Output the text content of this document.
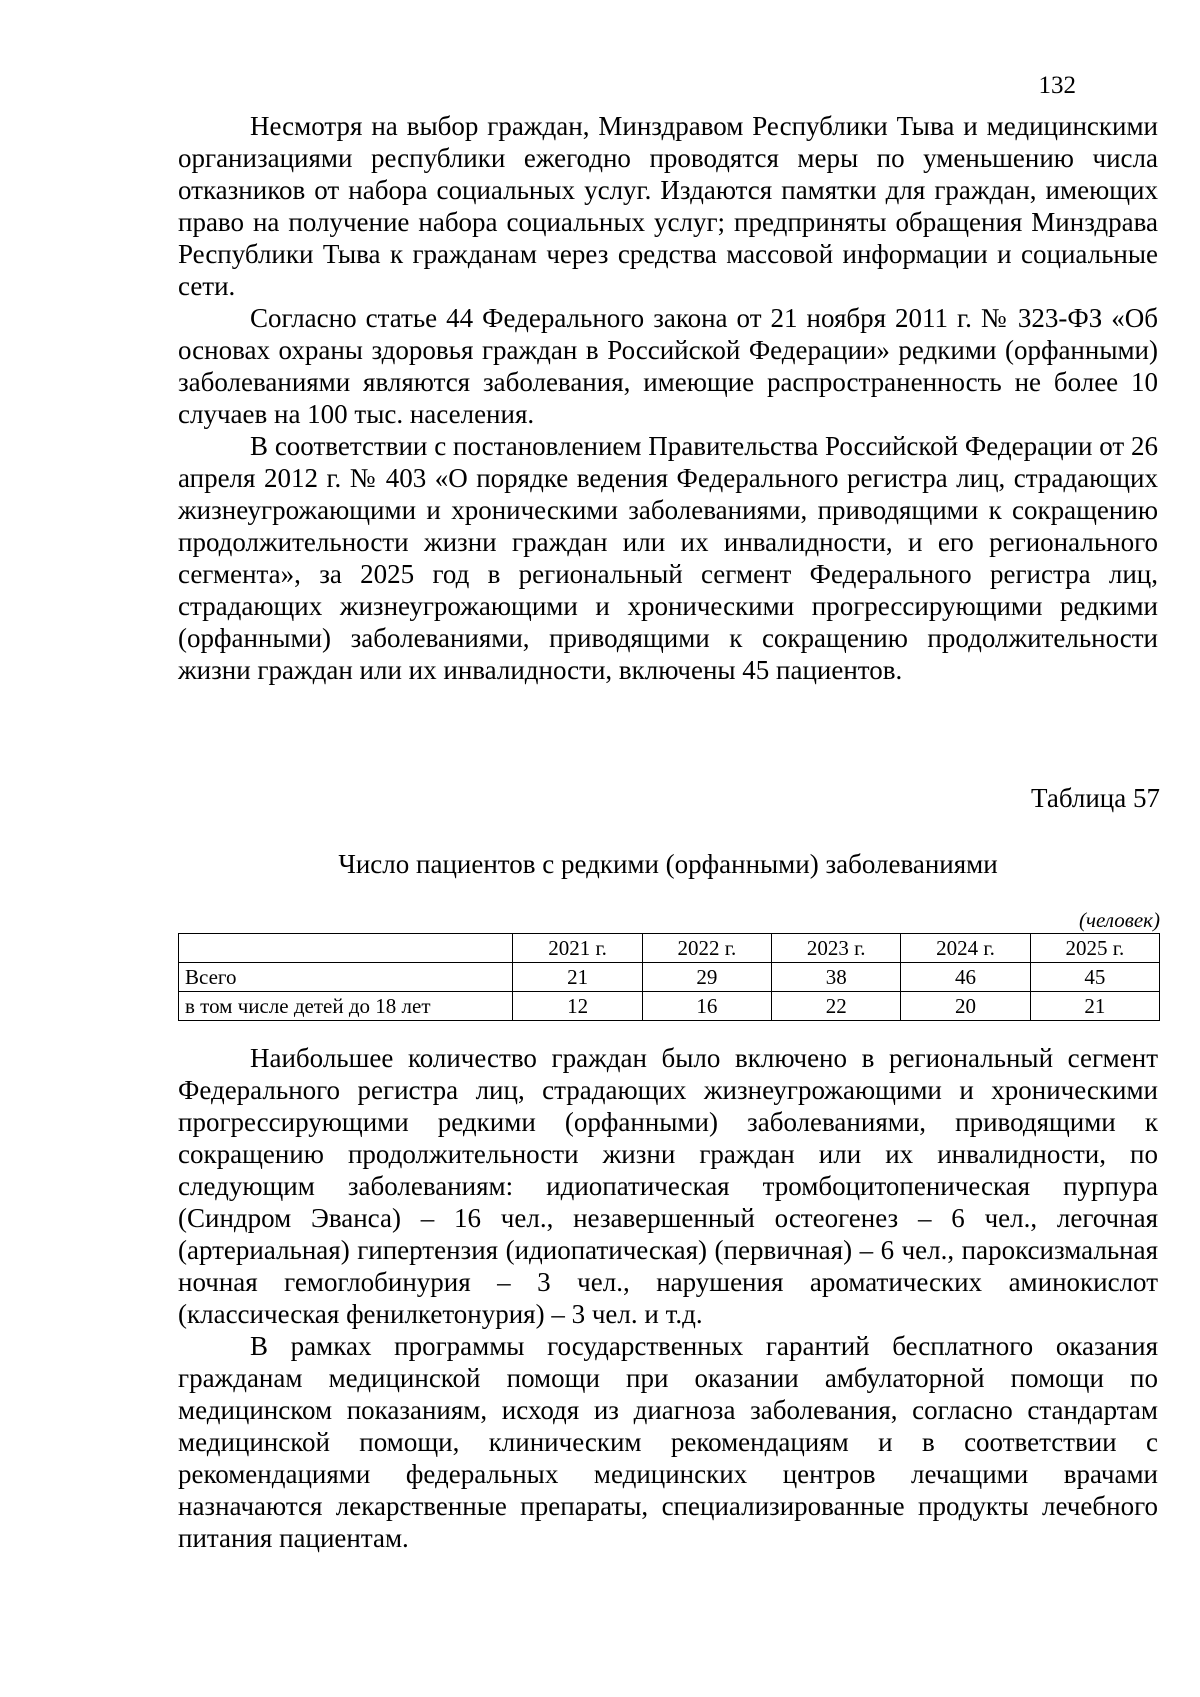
132

Несмотря на выбор граждан, Минздравом Республики Тыва и медицинскими организациями республики ежегодно проводятся меры по уменьшению числа отказников от набора социальных услуг. Издаются памятки для граждан, имеющих право на получение набора социальных услуг; предприняты обращения Минздрава Республики Тыва к гражданам через средства массовой информации и социальные сети.

Согласно статье 44 Федерального закона от 21 ноября 2011 г. № 323-ФЗ «Об основах охраны здоровья граждан в Российской Федерации» редкими (орфанными) заболеваниями являются заболевания, имеющие распространенность не более 10 случаев на 100 тыс. населения.

В соответствии с постановлением Правительства Российской Федерации от 26 апреля 2012 г. № 403 «О порядке ведения Федерального регистра лиц, страдающих жизнеугрожающими и хроническими заболеваниями, приводящими к сокращению продолжительности жизни граждан или их инвалидности, и его регионального сегмента», за 2025 год в региональный сегмент Федерального регистра лиц, страдающих жизнеугрожающими и хроническими прогрессирующими редкими (орфанными) заболеваниями, приводящими к сокращению продолжительности жизни граждан или их инвалидности, включены 45 пациентов.

Таблица 57
Число пациентов с редкими (орфанными) заболеваниями
(человек)
	2021 г.	2022 г.	2023 г.	2024 г.	2025 г.
Всего	21	29	38	46	45
в том числе детей до 18 лет	12	16	22	20	21

Наибольшее количество граждан было включено в региональный сегмент Федерального регистра лиц, страдающих жизнеугрожающими и хроническими прогрессирующими редкими (орфанными) заболеваниями, приводящими к сокращению продолжительности жизни граждан или их инвалидности, по следующим заболеваниям: идиопатическая тромбоцитопеническая пурпура (Синдром Эванса) – 16 чел., незавершенный остеогенез – 6 чел., легочная (артериальная) гипертензия (идиопатическая) (первичная) – 6 чел., пароксизмальная ночная гемоглобинурия – 3 чел., нарушения ароматических аминокислот (классическая фенилкетонурия) – 3 чел. и т.д.

В рамках программы государственных гарантий бесплатного оказания гражданам медицинской помощи при оказании амбулаторной помощи по медицинском показаниям, исходя из диагноза заболевания, согласно стандартам медицинской помощи, клиническим рекомендациям и в соответствии с рекомендациями федеральных медицинских центров лечащими врачами назначаются лекарственные препараты, специализированные продукты лечебного питания пациентам.
